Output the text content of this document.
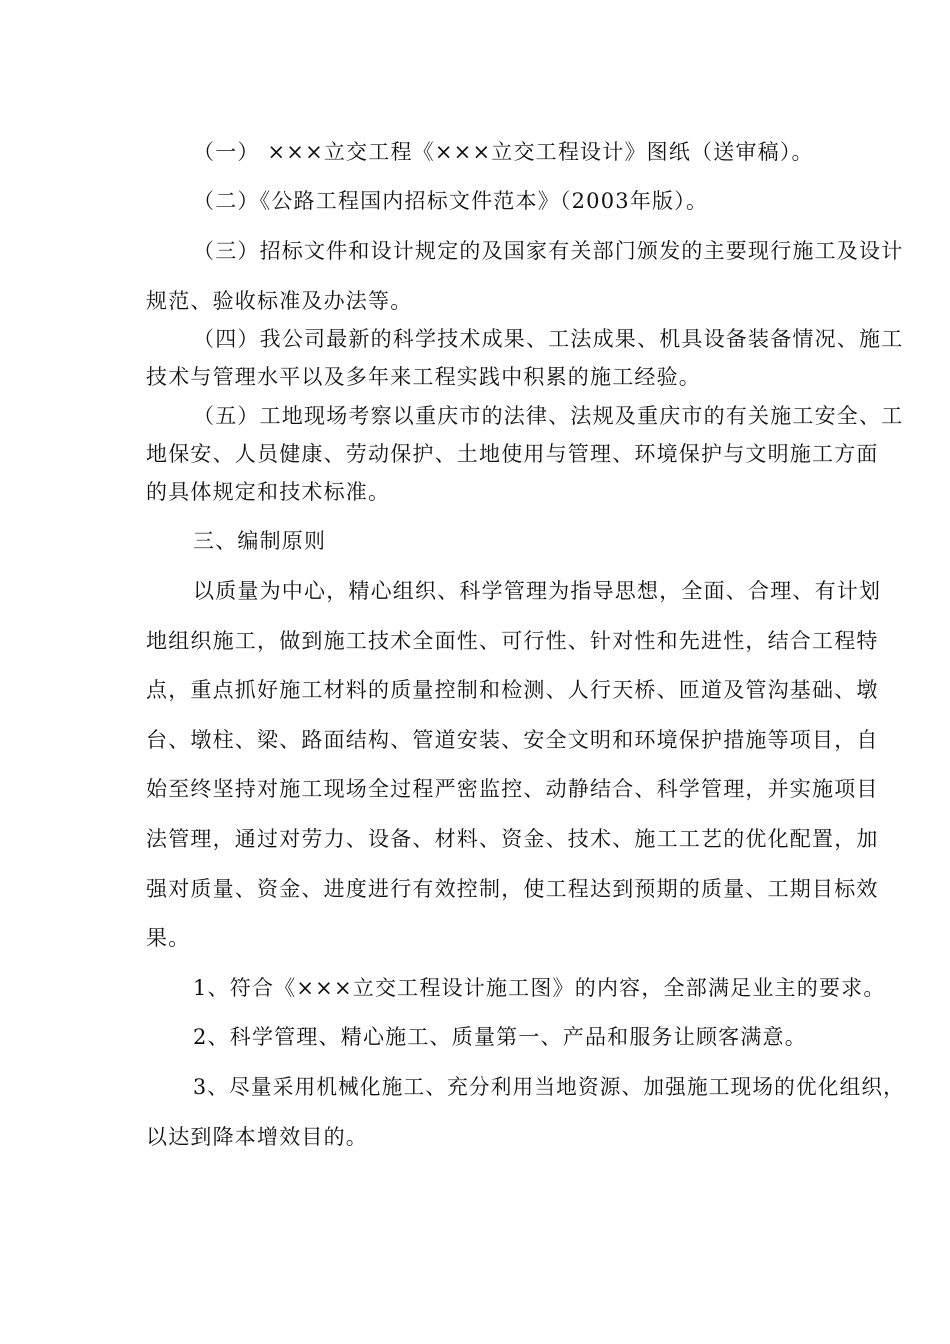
（一） ×××立交工程《×××立交工程设计》图纸（送审稿）。
（二）《公路工程国内招标文件范本》（2003年版）。
（三）招标文件和设计规定的及国家有关部门颁发的主要现行施工及设计
规范、验收标准及办法等。
（四）我公司最新的科学技术成果、工法成果、机具设备装备情况、施工
技术与管理水平以及多年来工程实践中积累的施工经验。
（五）工地现场考察以重庆市的法律、法规及重庆市的有关施工安全、工
地保安、人员健康、劳动保护、土地使用与管理、环境保护与文明施工方面
的具体规定和技术标准。
三、编制原则
以质量为中心，精心组织、科学管理为指导思想，全面、合理、有计划
地组织施工，做到施工技术全面性、可行性、针对性和先进性，结合工程特
点，重点抓好施工材料的质量控制和检测、人行天桥、匝道及管沟基础、墩
台、墩柱、梁、路面结构、管道安装、安全文明和环境保护措施等项目，自
始至终坚持对施工现场全过程严密监控、动静结合、科学管理，并实施项目
法管理，通过对劳力、设备、材料、资金、技术、施工工艺的优化配置，加
强对质量、资金、进度进行有效控制，使工程达到预期的质量、工期目标效
果。
1、符合《×××立交工程设计施工图》的内容，全部满足业主的要求。
2、科学管理、精心施工、质量第一、产品和服务让顾客满意。
3、尽量采用机械化施工、充分利用当地资源、加强施工现场的优化组织，
以达到降本增效目的。
